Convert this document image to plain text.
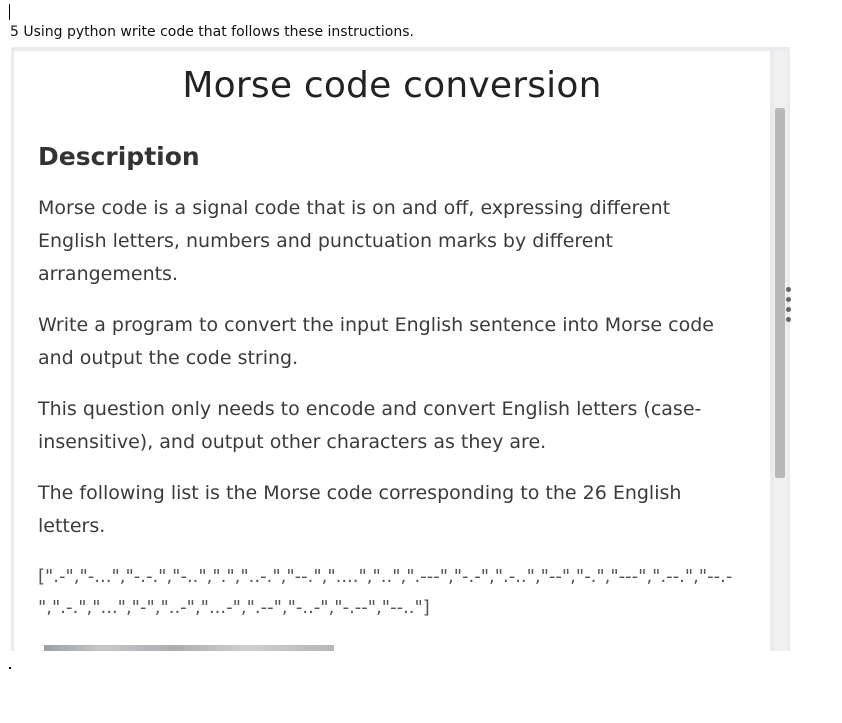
5 Using python write code that follows these instructions.
Morse code conversion
Description
Morse code is a signal code that is on and off, expressing different English letters, numbers and punctuation marks by different arrangements.
Write a program to convert the input English sentence into Morse code and output the code string.
This question only needs to encode and convert English letters (case-insensitive), and output other characters as they are.
The following list is the Morse code corresponding to the 26 English letters.
[".-","-...","-.-.","-..",".","..-.","--.","....","..",".---","-.-",".-..","--","-.","---",".--.","--.-",".-.","...","-","..-","...-",".--","-..-","-.--","--.."]
